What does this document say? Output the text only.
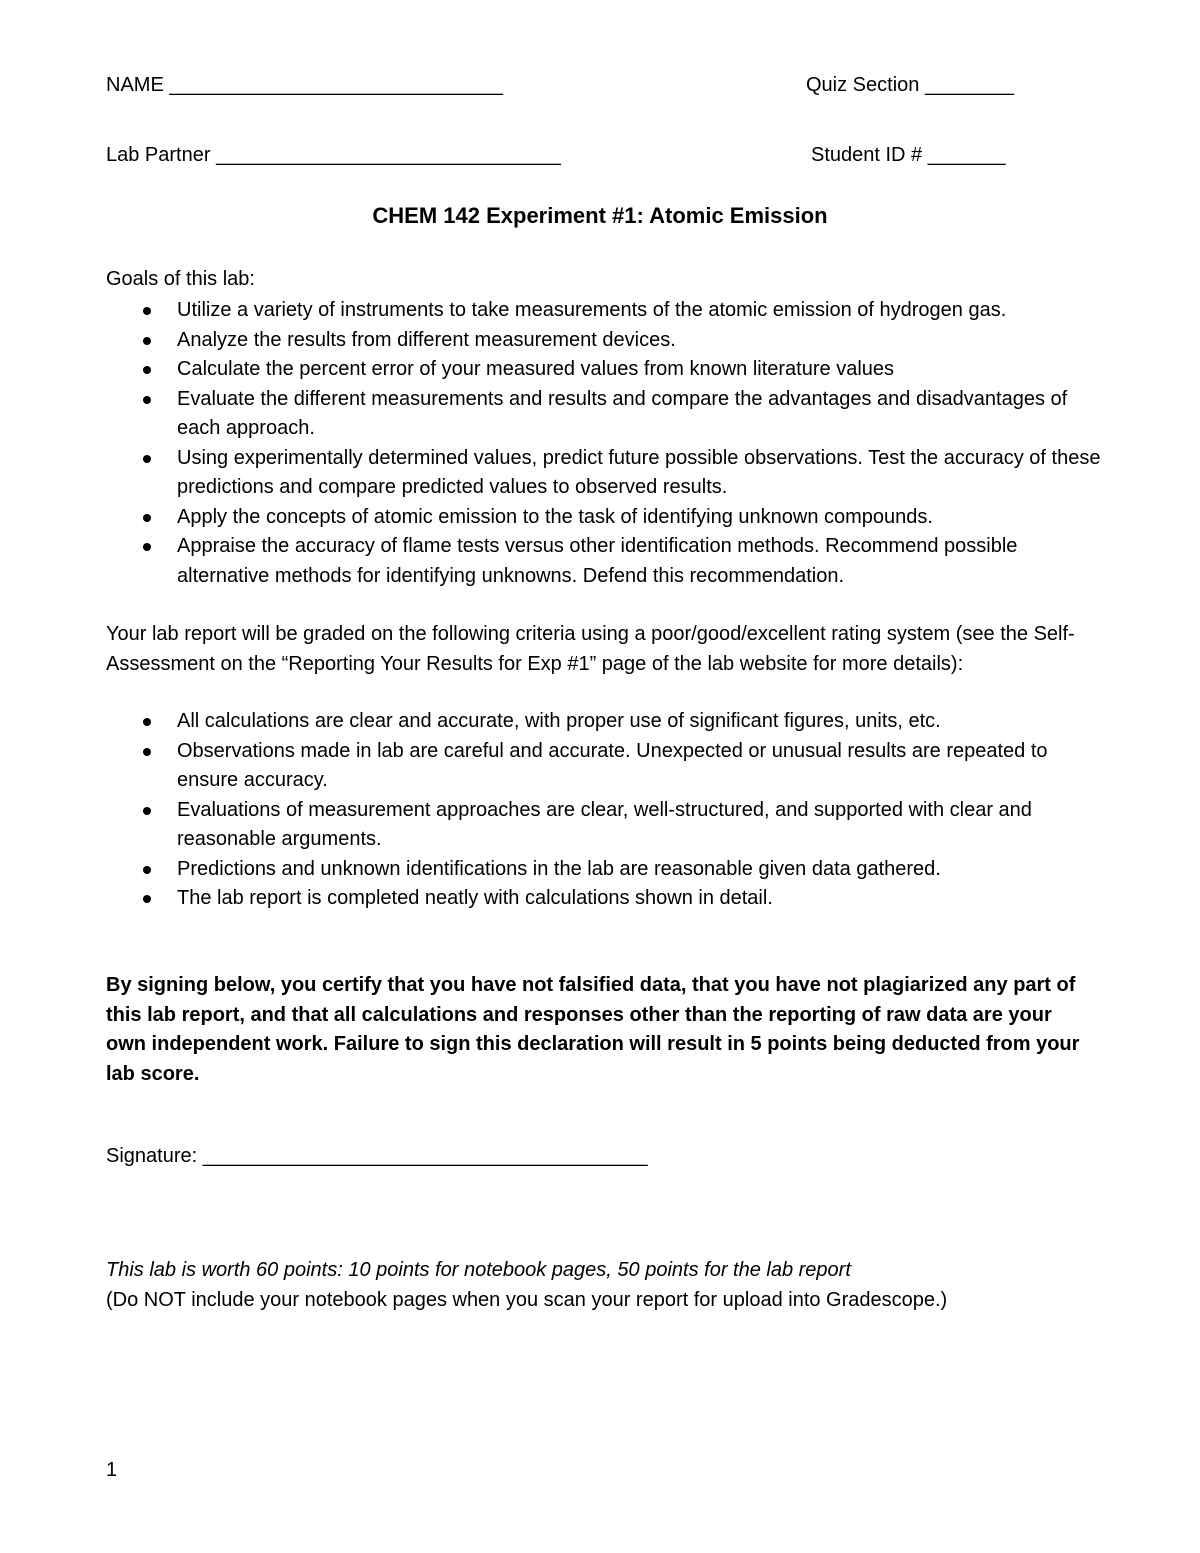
NAME ______________________________	Quiz Section ________
Lab Partner _______________________________	Student ID # _______
CHEM 142 Experiment #1: Atomic Emission
Goals of this lab:
Utilize a variety of instruments to take measurements of the atomic emission of hydrogen gas.
Analyze the results from different measurement devices.
Calculate the percent error of your measured values from known literature values
Evaluate the different measurements and results and compare the advantages and disadvantages of each approach.
Using experimentally determined values, predict future possible observations. Test the accuracy of these predictions and compare predicted values to observed results.
Apply the concepts of atomic emission to the task of identifying unknown compounds.
Appraise the accuracy of flame tests versus other identification methods. Recommend possible alternative methods for identifying unknowns. Defend this recommendation.
Your lab report will be graded on the following criteria using a poor/good/excellent rating system (see the Self-Assessment on the “Reporting Your Results for Exp #1” page of the lab website for more details):
All calculations are clear and accurate, with proper use of significant figures, units, etc.
Observations made in lab are careful and accurate. Unexpected or unusual results are repeated to ensure accuracy.
Evaluations of measurement approaches are clear, well-structured, and supported with clear and reasonable arguments.
Predictions and unknown identifications in the lab are reasonable given data gathered.
The lab report is completed neatly with calculations shown in detail.
By signing below, you certify that you have not falsified data, that you have not plagiarized any part of this lab report, and that all calculations and responses other than the reporting of raw data are your own independent work. Failure to sign this declaration will result in 5 points being deducted from your lab score.
Signature: ________________________________________
This lab is worth 60 points: 10 points for notebook pages, 50 points for the lab report
(Do NOT include your notebook pages when you scan your report for upload into Gradescope.)
1
